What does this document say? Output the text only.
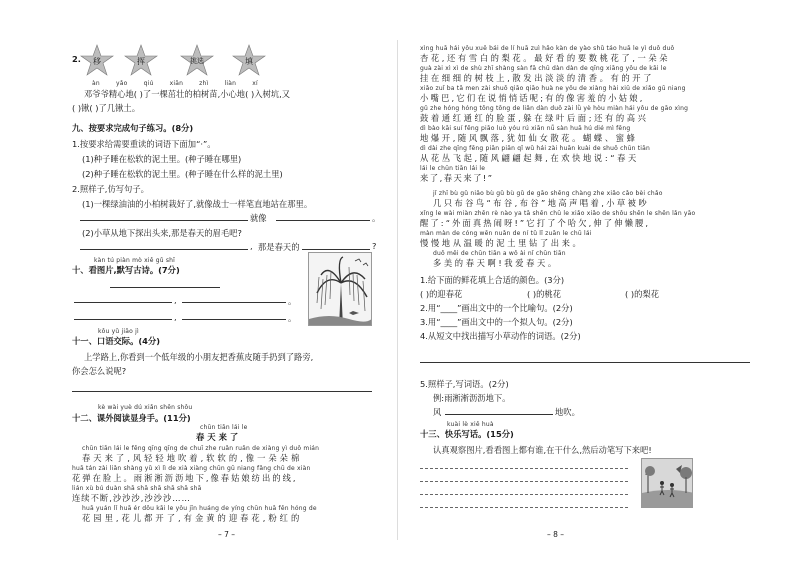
2.	移	挥	挑选	填
àn yǎo qiú xiān zhì liàn xí
邓爷爷精心地( )了一棵茁壮的柏树苗,小心地( )入树坑,又
( )锹( )了几锹土。
九、按要求完成句子练习。(8分)
1.按要求给需要重读的词语下面加“·”。
(1)种子睡在松软的泥土里。(种子睡在哪里)
(2)种子睡在松软的泥土里。(种子睡在什么样的泥土里)
2.照样子,仿写句子。
(1)一棵绿油油的小柏树栽好了,就像战士一样笔直地站在那里。
就像	。
(2)小草从地下探出头来,那是春天的眉毛吧?
, 那是春天的	?
kàn tú piàn mò xiě gǔ shī
十、看图片,默写古诗。(7分)
,	。
,	。
kǒu yǔ jiāo jì
十一、口语交际。(4分)
上学路上,你看到一个低年级的小朋友把香蕉皮随手扔到了路旁,
你会怎么说呢?
kè wài yuè dú xiǎn shēn shǒu
十二、课外阅读显身手。(11分)
chūn tiān lái le
春天来了
chūn tiān lái le fēng qīng qīng de chuī zhe ruǎn ruǎn de xiàng yì duǒ mián
春天来了,风轻轻地吹着,软软的,像一朵朵棉
huā tán zài liǎn shàng yǔ xì lì de xià xiàng chūn gū niang fǎng chū de xiàn
花弹在脸上。雨淅淅沥沥地下,像春姑娘纺出的线,
lián xù bú duàn shā shā shā shā shā shā
连续不断,沙沙沙,沙沙沙……
huā yuán lǐ huā ér dōu kāi le yǒu jīn huáng de yíng chūn huā fěn hóng de
花园里,花儿都开了,有金黄的迎春花,粉红的
– 7 –
xìng huā hái yǒu xuě bái de lí huā zuì hǎo kàn de yào shǔ táo huā le yì duǒ duǒ
杏花,还有雪白的梨花。最好看的要数桃花了,一朵朵
guà zài xì xì de shù zhī shàng sàn fā chū dàn dàn de qīng xiāng yǒu de kāi le
挂在细细的树枝上,散发出淡淡的清香。有的开了
xiǎo zuǐ ba tā men zài shuō qiāo qiāo huà ne yǒu de xiàng hài xiū de xiǎo gū niang
小嘴巴,它们在说悄悄话呢;有的像害羞的小姑娘,
gǔ zhe hóng hóng tōng tōng de liǎn dàn duǒ zài lǜ yè hòu miàn hái yǒu de gāo xìng
鼓着通红通红的脸蛋,躲在绿叶后面;还有的高兴
dì bào kāi suí fēng piāo luò yóu rú xiān nǚ sàn huā hú dié mì fēng
地爆开,随风飘落,犹如仙女散花。蝴蝶、蜜蜂
dì dài zhe qīng fēng piān piān qǐ wǔ hái zài huān kuài de shuō chūn tiān
从花丛飞起,随风翩翩起舞,在欢快地说:“春天
lái le chūn tiān lái le
来了,春天来了!”
jǐ zhī bù gǔ niǎo bù gǔ bù gǔ de gāo shēng chàng zhe xiǎo cǎo bèi chǎo
几只布谷鸟“布谷,布谷”地高声唱着,小草被吵
xǐng le wài miàn zhēn rè nào ya tā shēn chū le xiǎo xiǎo de shǒu shēn le shēn lǎn yāo
醒了:“外面真热闹呀!”它打了个哈欠,伸了伸懒腰,
màn màn de cóng wēn nuǎn de ní tǔ lǐ zuān le chū lái
慢慢地从温暖的泥土里钻了出来。
duō měi de chūn tiān a wǒ ài nǐ chūn tiān
多美的春天啊!我爱春天。
1.给下面的鲜花填上合适的颜色。(3分)
( )的迎春花	( )的桃花	( )的梨花
2.用“____”画出文中的一个比喻句。(2分)
3.用“____”画出文中的一个拟人句。(2分)
4.从短文中找出描写小草动作的词语。(2分)
5.照样子,写词语。(2分)
例:雨淅淅沥沥地下。
风	地吹。
kuài lè xiě huà
十三、快乐写话。(15分)
认真观察图片,看看图上都有谁,在干什么,然后动笔写下来吧!
– 8 –
